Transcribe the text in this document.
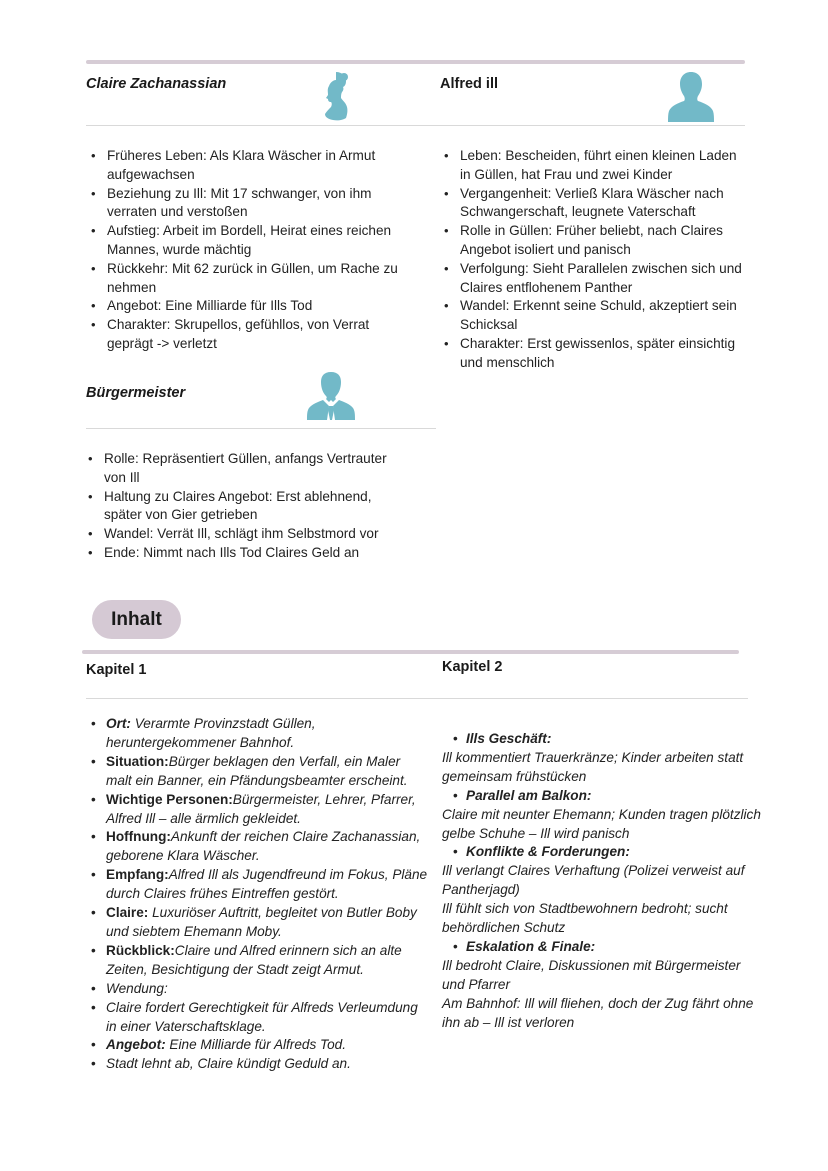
Claire Zachanassian	Alfred ill
• Früheres Leben: Als Klara Wäscher in Armut aufgewachsen
• Beziehung zu Ill: Mit 17 schwanger, von ihm verraten und verstoßen
• Aufstieg: Arbeit im Bordell, Heirat eines reichen Mannes, wurde mächtig
• Rückkehr: Mit 62 zurück in Güllen, um Rache zu nehmen
• Angebot: Eine Milliarde für Ills Tod
• Charakter: Skrupellos, gefühllos, von Verrat geprägt -> verletzt
• Leben: Bescheiden, führt einen kleinen Laden in Güllen, hat Frau und zwei Kinder
• Vergangenheit: Verließ Klara Wäscher nach Schwangerschaft, leugnete Vaterschaft
• Rolle in Güllen: Früher beliebt, nach Claires Angebot isoliert und panisch
• Verfolgung: Sieht Parallelen zwischen sich und Claires entflohenem Panther
• Wandel: Erkennt seine Schuld, akzeptiert sein Schicksal
• Charakter: Erst gewissenlos, später einsichtig und menschlich
Bürgermeister
• Rolle: Repräsentiert Güllen, anfangs Vertrauter von Ill
• Haltung zu Claires Angebot: Erst ablehnend, später von Gier getrieben
• Wandel: Verrät Ill, schlägt ihm Selbstmord vor
• Ende: Nimmt nach Ills Tod Claires Geld an
Inhalt
Kapitel 1	Kapitel 2
• Ort: Verarmte Provinzstadt Güllen, heruntergekommener Bahnhof.
• Situation:Bürger beklagen den Verfall, ein Maler malt ein Banner, ein Pfändungsbeamter erscheint.
• Wichtige Personen:Bürgermeister, Lehrer, Pfarrer, Alfred Ill – alle ärmlich gekleidet.
• Hoffnung:Ankunft der reichen Claire Zachanassian, geborene Klara Wäscher.
• Empfang:Alfred Ill als Jugendfreund im Fokus, Pläne durch Claires frühes Eintreffen gestört.
• Claire: Luxuriöser Auftritt, begleitet von Butler Boby und siebtem Ehemann Moby.
• Rückblick:Claire und Alfred erinnern sich an alte Zeiten, Besichtigung der Stadt zeigt Armut.
• Wendung:
• Claire fordert Gerechtigkeit für Alfreds Verleumdung in einer Vaterschaftsklage.
• Angebot: Eine Milliarde für Alfreds Tod.
• Stadt lehnt ab, Claire kündigt Geduld an.
• Ills Geschäft:
Ill kommentiert Trauerkränze; Kinder arbeiten statt gemeinsam frühstücken
• Parallel am Balkon:
Claire mit neunter Ehemann; Kunden tragen plötzlich gelbe Schuhe – Ill wird panisch
• Konflikte & Forderungen:
Ill verlangt Claires Verhaftung (Polizei verweist auf Pantherjagd)
Ill fühlt sich von Stadtbewohnern bedroht; sucht behördlichen Schutz
• Eskalation & Finale:
Ill bedroht Claire, Diskussionen mit Bürgermeister und Pfarrer
Am Bahnhof: Ill will fliehen, doch der Zug fährt ohne ihn ab – Ill ist verloren
